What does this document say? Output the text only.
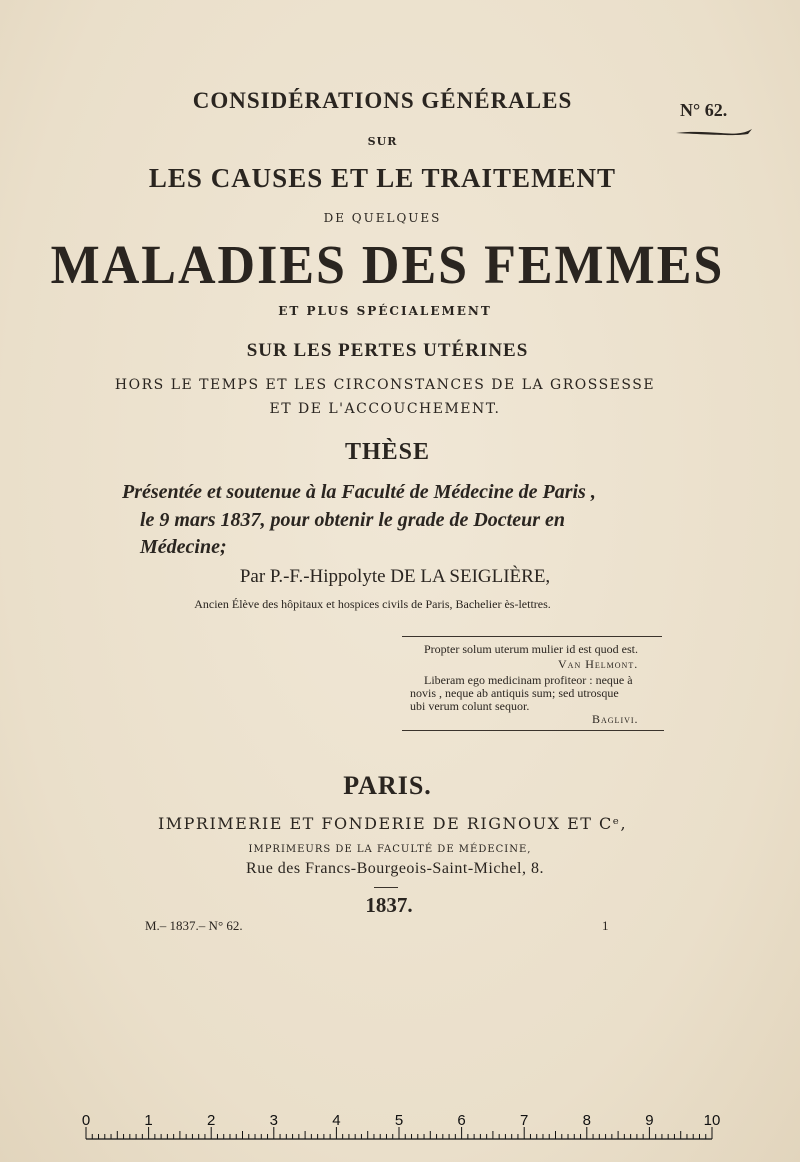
N° 62.
CONSIDÉRATIONS GÉNÉRALES
SUR
LES CAUSES ET LE TRAITEMENT
DE QUELQUES
MALADIES DES FEMMES
ET PLUS SPÉCIALEMENT
SUR LES PERTES UTÉRINES
HORS LE TEMPS ET LES CIRCONSTANCES DE LA GROSSESSE
ET DE L'ACCOUCHEMENT.
THÈSE
Présentée et soutenue à la Faculté de Médecine de Paris ,
le 9 mars 1837, pour obtenir le grade de Docteur en
Médecine;
Par P.-F.-Hippolyte DE LA SEIGLIÈRE,
Ancien Élève des hôpitaux et hospices civils de Paris, Bachelier ès-lettres.
Propter solum uterum mulier id est quod est.
Van Helmont.
Liberam ego medicinam profiteor : neque à
novis , neque ab antiquis sum; sed utrosque
ubi verum colunt sequor.
Baglivi.
PARIS.
IMPRIMERIE ET FONDERIE DE RIGNOUX ET Cᵉ,
IMPRIMEURS DE LA FACULTÉ DE MÉDECINE,
Rue des Francs-Bourgeois-Saint-Michel, 8.
1837.
M.– 1837.– N° 62.	1
0	1	2	3	4	5	6	7	8	9	10
